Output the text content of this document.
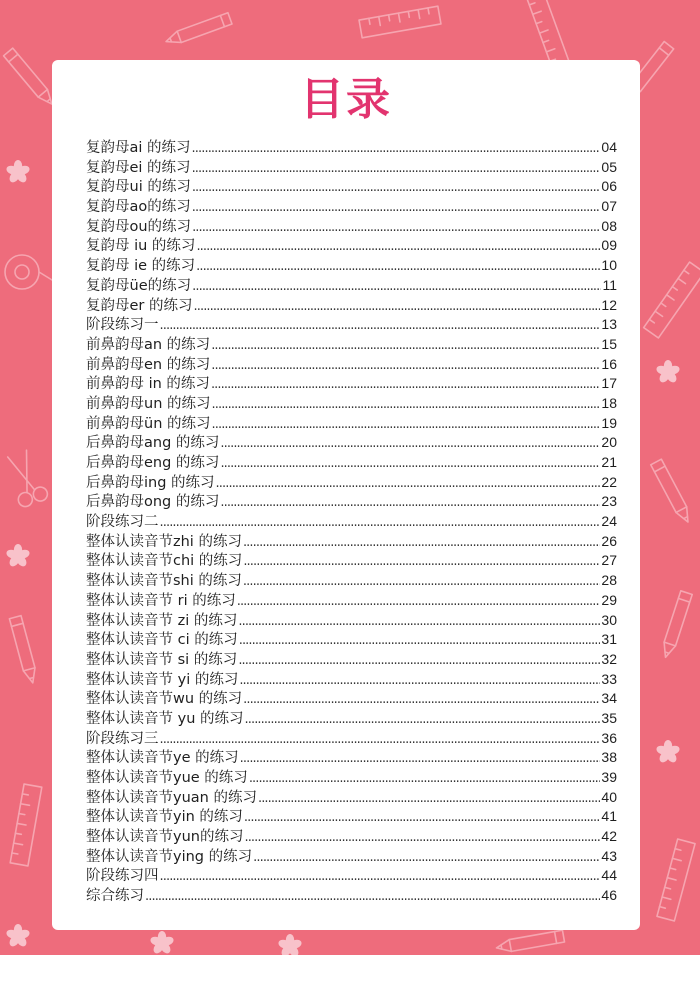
目录
复韵母ai 的练习 .....	04
复韵母ei 的练习 .....	05
复韵母ui 的练习 .....	06
复韵母ao的练习 .....	07
复韵母ou的练习 .....	08
复韵母 iu 的练习 .....	09
复韵母 ie 的练习 .....	10
复韵母üe的练习 .....	11
复韵母er 的练习 .....	12
阶段练习一 .....	13
前鼻韵母an 的练习 .....	15
前鼻韵母en 的练习 .....	16
前鼻韵母 in 的练习 .....	17
前鼻韵母un 的练习 .....	18
前鼻韵母ün 的练习 .....	19
后鼻韵母ang 的练习 .....	20
后鼻韵母eng 的练习 .....	21
后鼻韵母ing 的练习 .....	22
后鼻韵母ong 的练习 .....	23
阶段练习二 .....	24
整体认读音节zhi 的练习 .....	26
整体认读音节chi 的练习 .....	27
整体认读音节shi 的练习 .....	28
整体认读音节 ri 的练习 .....	29
整体认读音节 zi 的练习 .....	30
整体认读音节 ci 的练习 .....	31
整体认读音节 si 的练习 .....	32
整体认读音节 yi 的练习 .....	33
整体认读音节wu 的练习 .....	34
整体认读音节 yu 的练习 .....	35
阶段练习三 .....	36
整体认读音节ye 的练习 .....	38
整体认读音节yue 的练习 .....	39
整体认读音节yuan 的练习 .....	40
整体认读音节yin 的练习 .....	41
整体认读音节yun的练习 .....	42
整体认读音节ying 的练习 .....	43
阶段练习四 .....	44
综合练习 .....	46
